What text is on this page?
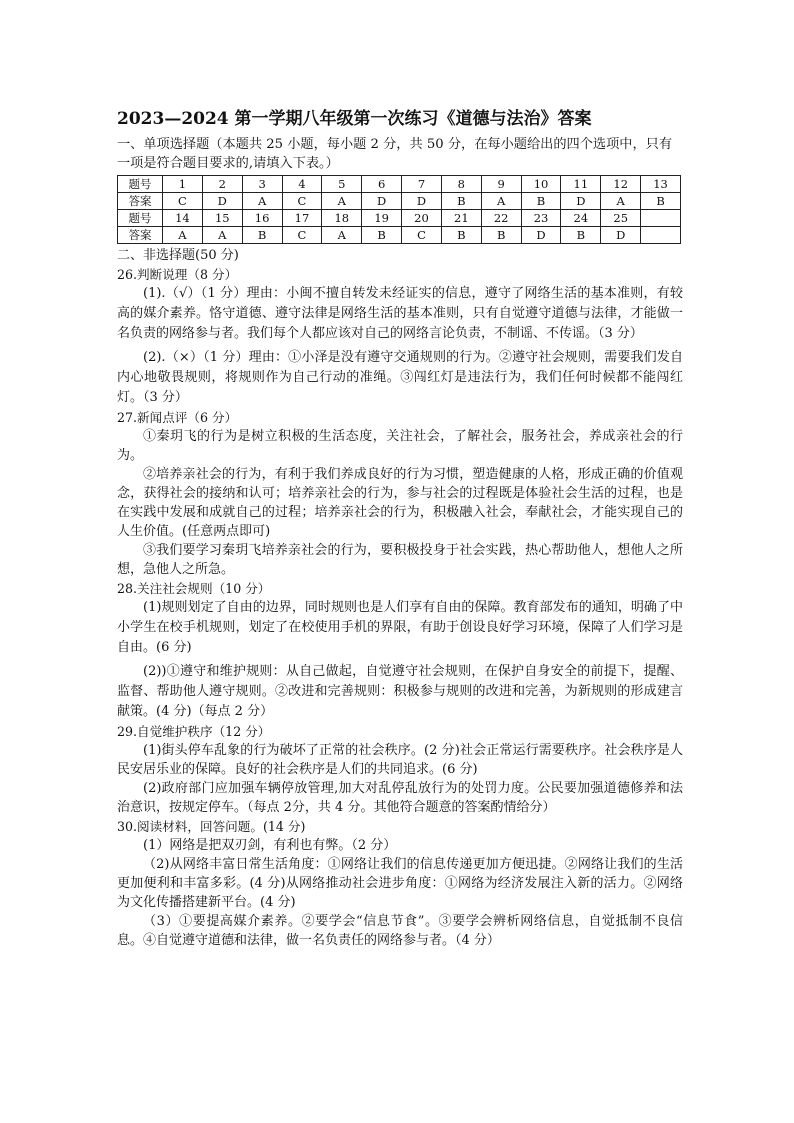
2023—2024 第一学期八年级第一次练习《道德与法治》答案
一、单项选择题（本题共 25 小题，每小题 2 分，共 50 分，在每小题给出的四个选项中，只有一项是符合题目要求的,请填入下表。）
题号	1	2	3	4	5	6	7	8	9	10	11	12	13
答案	C	D	A	C	A	D	D	B	A	B	D	A	B
题号	14	15	16	17	18	19	20	21	22	23	24	25	
答案	A	A	B	C	A	B	C	B	B	D	B	D	
二、非选择题(50 分)
26.判断说理（8 分）

(1).（√）（1 分）理由：小闽不擅自转发未经证实的信息，遵守了网络生活的基本准则，有较高的媒介素养。恪守道德、遵守法律是网络生活的基本准则，只有自觉遵守道德与法律，才能做一名负责的网络参与者。我们每个人都应该对自己的网络言论负责，不制谣、不传谣。（3 分）

(2).（×）（1 分）理由：①小泽是没有遵守交通规则的行为。②遵守社会规则，需要我们发自内心地敬畏规则，将规则作为自己行动的准绳。③闯红灯是违法行为，我们任何时候都不能闯红灯。（3 分）

27.新闻点评（6 分）

①秦玥飞的行为是树立积极的生活态度，关注社会，了解社会，服务社会，养成亲社会的行为。

②培养亲社会的行为，有利于我们养成良好的行为习惯，塑造健康的人格，形成正确的价值观念，获得社会的接纳和认可；培养亲社会的行为，参与社会的过程既是体验社会生活的过程，也是在实践中发展和成就自己的过程；培养亲社会的行为，积极融入社会，奉献社会，才能实现自己的人生价值。(任意两点即可)

③我们要学习秦玥飞培养亲社会的行为，要积极投身于社会实践，热心帮助他人，想他人之所想，急他人之所急。

28.关注社会规则（10 分）

(1)规则划定了自由的边界，同时规则也是人们享有自由的保障。教育部发布的通知，明确了中小学生在校手机规则，划定了在校使用手机的界限，有助于创设良好学习环境，保障了人们学习是自由。(6 分)

(2))①遵守和维护规则：从自己做起，自觉遵守社会规则，在保护自身安全的前提下，提醒、监督、帮助他人遵守规则。②改进和完善规则：积极参与规则的改进和完善，为新规则的形成建言献策。(4 分)（每点 2 分）

29.自觉维护秩序（12 分）

(1)街头停车乱象的行为破坏了正常的社会秩序。(2 分)社会正常运行需要秩序。社会秩序是人民安居乐业的保障。良好的社会秩序是人们的共同追求。(6 分)

(2)政府部门应加强车辆停放管理,加大对乱停乱放行为的处罚力度。公民要加强道德修养和法治意识，按规定停车。（每点 2分，共 4 分。其他符合题意的答案酌情给分）

30.阅读材料，回答问题。(14 分)

(1）网络是把双刃剑，有利也有弊。（2 分）

（2)从网络丰富日常生活角度：①网络让我们的信息传递更加方便迅捷。②网络让我们的生活更加便利和丰富多彩。(4 分)从网络推动社会进步角度：①网络为经济发展注入新的活力。②网络为文化传播搭建新平台。(4 分)

（3）①要提高媒介素养。②要学会“信息节食”。③要学会辨析网络信息，自觉抵制不良信息。④自觉遵守道德和法律，做一名负责任的网络参与者。（4 分）
